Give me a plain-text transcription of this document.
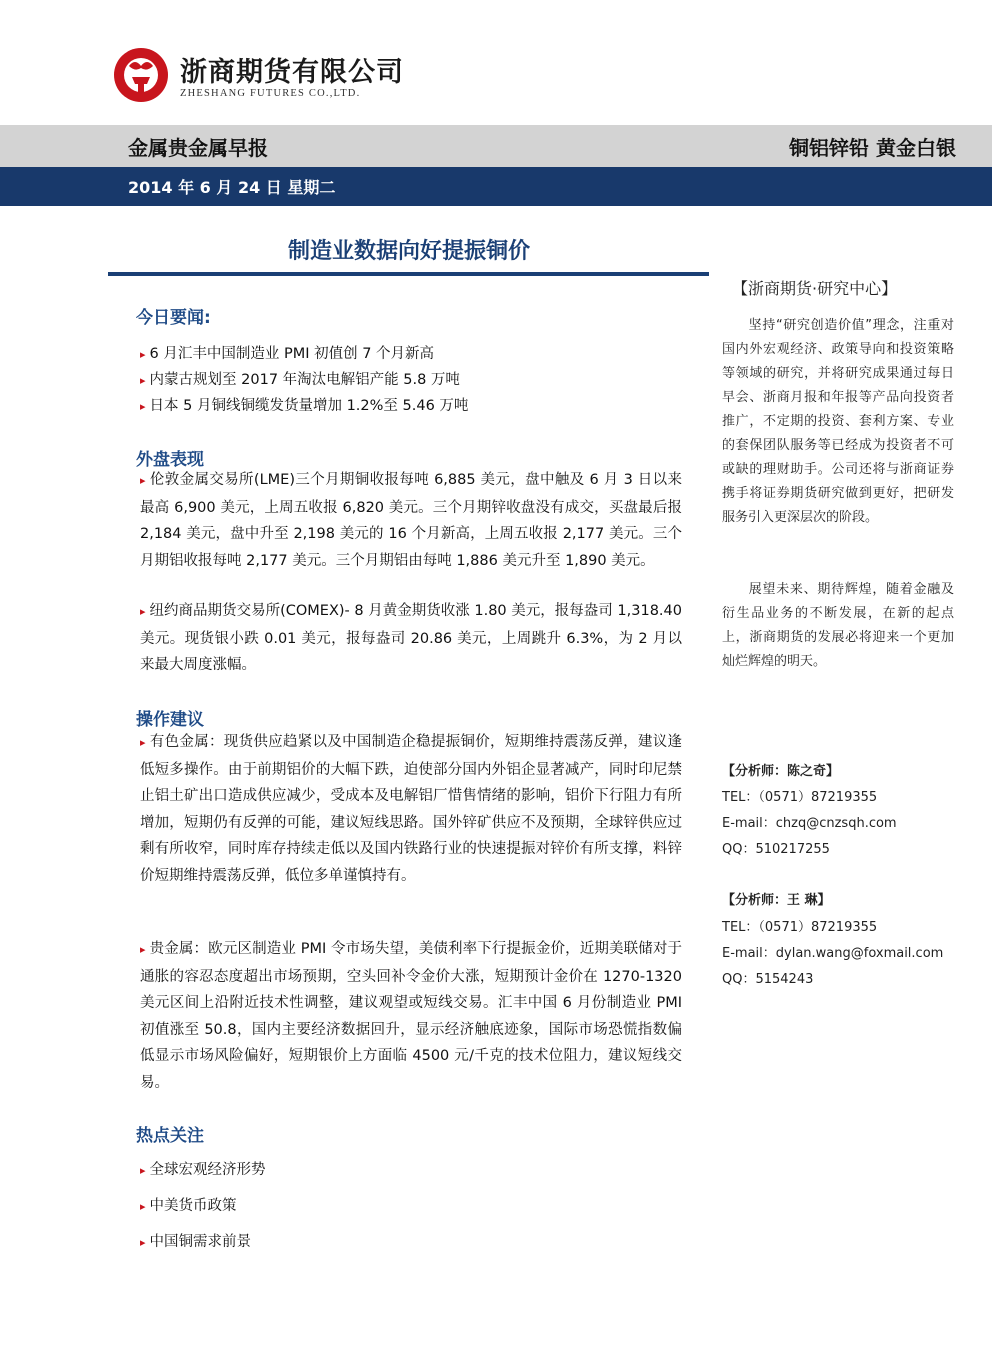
浙商期货有限公司
ZHESHANG FUTURES CO.,LTD.
金属贵金属早报	铜铝锌铅 黄金白银
2014 年 6 月 24 日 星期二
制造业数据向好提振铜价
今日要闻:
▸ 6 月汇丰中国制造业 PMI 初值创 7 个月新高
▸ 内蒙古规划至 2017 年淘汰电解铝产能 5.8 万吨
▸ 日本 5 月铜线铜缆发货量增加 1.2%至 5.46 万吨
外盘表现
▸ 伦敦金属交易所(LME)三个月期铜收报每吨 6,885 美元，盘中触及 6 月 3 日以来最高 6,900 美元，上周五收报 6,820 美元。三个月期锌收盘没有成交，买盘最后报 2,184 美元，盘中升至 2,198 美元的 16 个月新高，上周五收报 2,177 美元。三个月期铝收报每吨 2,177 美元。三个月期铝由每吨 1,886 美元升至 1,890 美元。
▸ 纽约商品期货交易所(COMEX)- 8 月黄金期货收涨 1.80 美元，报每盎司 1,318.40 美元。现货银小跌 0.01 美元，报每盎司 20.86 美元，上周跳升 6.3%，为 2 月以来最大周度涨幅。
操作建议
▸ 有色金属：现货供应趋紧以及中国制造企稳提振铜价，短期维持震荡反弹，建议逢低短多操作。由于前期铝价的大幅下跌，迫使部分国内外铝企显著减产，同时印尼禁止铝土矿出口造成供应减少，受成本及电解铝厂惜售情绪的影响，铝价下行阻力有所增加，短期仍有反弹的可能，建议短线思路。国外锌矿供应不及预期，全球锌供应过剩有所收窄，同时库存持续走低以及国内铁路行业的快速提振对锌价有所支撑，料锌价短期维持震荡反弹，低位多单谨慎持有。
▸ 贵金属：欧元区制造业 PMI 令市场失望，美债利率下行提振金价，近期美联储对于通胀的容忍态度超出市场预期，空头回补令金价大涨，短期预计金价在 1270-1320 美元区间上沿附近技术性调整，建议观望或短线交易。汇丰中国 6 月份制造业 PMI 初值涨至 50.8，国内主要经济数据回升，显示经济触底迹象，国际市场恐慌指数偏低显示市场风险偏好，短期银价上方面临 4500 元/千克的技术位阻力，建议短线交易。
热点关注
▸ 全球宏观经济形势
▸ 中美货币政策
▸ 中国铜需求前景
【浙商期货·研究中心】
坚持“研究创造价值”理念，注重对国内外宏观经济、政策导向和投资策略等领域的研究，并将研究成果通过每日早会、浙商月报和年报等产品向投资者推广，不定期的投资、套利方案、专业的套保团队服务等已经成为投资者不可或缺的理财助手。公司还将与浙商证券携手将证券期货研究做到更好，把研发服务引入更深层次的阶段。
展望未来、期待辉煌，随着金融及衍生品业务的不断发展，在新的起点上，浙商期货的发展必将迎来一个更加灿烂辉煌的明天。
【分析师：陈之奇】
TEL：（0571）87219355
E-mail：chzq@cnzsqh.com
QQ：510217255
【分析师：王 琳】
TEL：（0571）87219355
E-mail：dylan.wang@foxmail.com
QQ：5154243
